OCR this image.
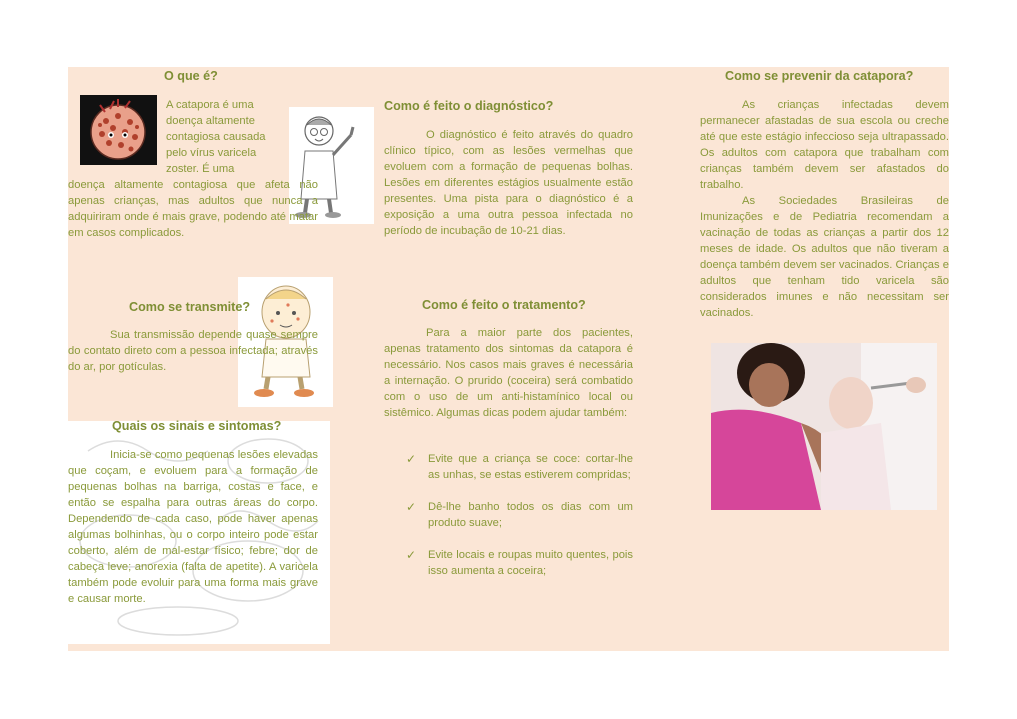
O que é?

A catapora é uma
doença altamente
contagiosa causada
pelo vírus varicela
zoster. É uma

doença altamente contagiosa que afeta não apenas crianças, mas adultos que nunca a adquiriram onde é mais grave, podendo até matar em casos complicados.

Como se transmite?

Sua transmissão depende quase sempre do contato direto com a pessoa infectada; através do ar, por gotículas.

Quais os sinais e sintomas?

Inicia-se como pequenas lesões elevadas que coçam, e evoluem para a formação de pequenas bolhas na barriga, costas e face, e então se espalha para outras áreas do corpo. Dependendo de cada caso, pode haver apenas algumas bolhinhas, ou o corpo inteiro pode estar coberto, além de mal-estar físico; febre; dor de cabeça leve; anorexia (falta de apetite). A varicela também pode evoluir para uma forma mais grave e causar morte.

Como é feito o diagnóstico?

O diagnóstico é feito através do quadro clínico típico, com as lesões vermelhas que evoluem com a formação de pequenas bolhas. Lesões em diferentes estágios usualmente estão presentes. Uma pista para o diagnóstico é a exposição a uma outra pessoa infectada no período de incubação de 10-21 dias.

Como é feito o tratamento?

Para a maior parte dos pacientes, apenas tratamento dos sintomas da catapora é necessário. Nos casos mais graves é necessária a internação. O prurido (coceira) será combatido com o uso de um anti-histamínico local ou sistêmico. Algumas dicas podem ajudar também:

✓ Evite que a criança se coce: cortar-lhe as unhas, se estas estiverem compridas;
✓ Dê-lhe banho todos os dias com um produto suave;
✓ Evite locais e roupas muito quentes, pois isso aumenta a coceira;
Como se prevenir da catapora?

As crianças infectadas devem permanecer afastadas de sua escola ou creche até que este estágio infeccioso seja ultrapassado. Os adultos com catapora que trabalham com crianças também devem ser afastados do trabalho.

As Sociedades Brasileiras de Imunizações e de Pediatria recomendam a vacinação de todas as crianças a partir dos 12 meses de idade. Os adultos que não tiveram a doença também devem ser vacinados. Crianças e adultos que tenham tido varicela são considerados imunes e não necessitam ser vacinados.
